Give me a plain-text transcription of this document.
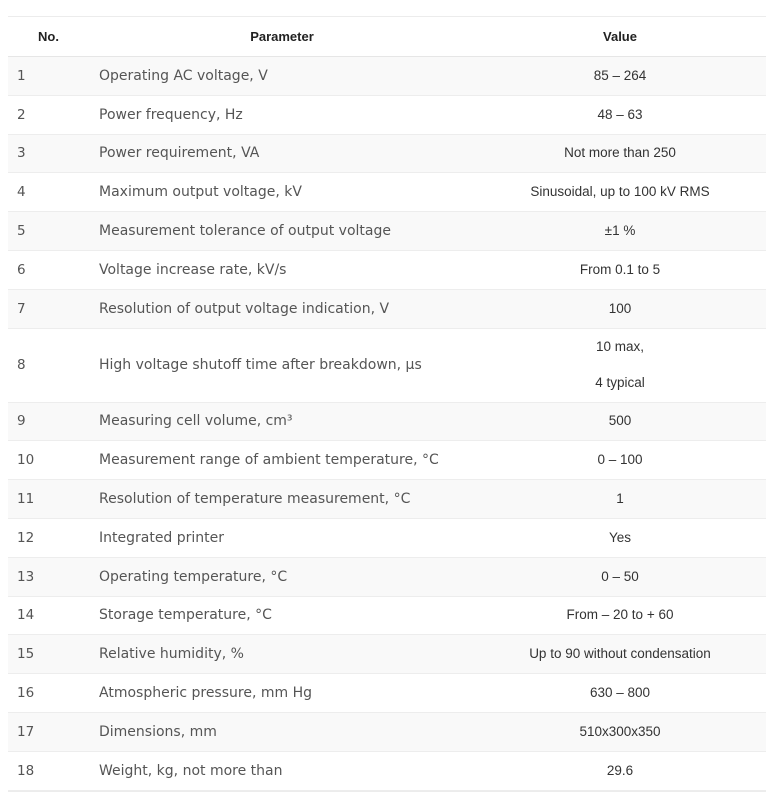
No.	Parameter	Value
1	Operating AC voltage, V	85 – 264

2	Power frequency, Hz	48 – 63

3	Power requirement, VA	Not more than 250

4	Maximum output voltage, kV	Sinusoidal, up to 100 kV RMS

5	Measurement tolerance of output voltage	±1 %

6	Voltage increase rate, kV/s	From 0.1 to 5

7	Resolution of output voltage indication, V	100

8	High voltage shutoff time after breakdown, μs	10 max,
4 typical

9	Measuring cell volume, cm³	500

10	Measurement range of ambient temperature, °C	0 – 100

11	Resolution of temperature measurement, °C	1

12	Integrated printer	Yes

13	Operating temperature, °C	0 – 50

14	Storage temperature, °C	From – 20 to + 60

15	Relative humidity, %	Up to 90 without condensation

16	Atmospheric pressure, mm Hg	630 – 800

17	Dimensions, mm	510x300x350

18	Weight, kg, not more than	29.6
